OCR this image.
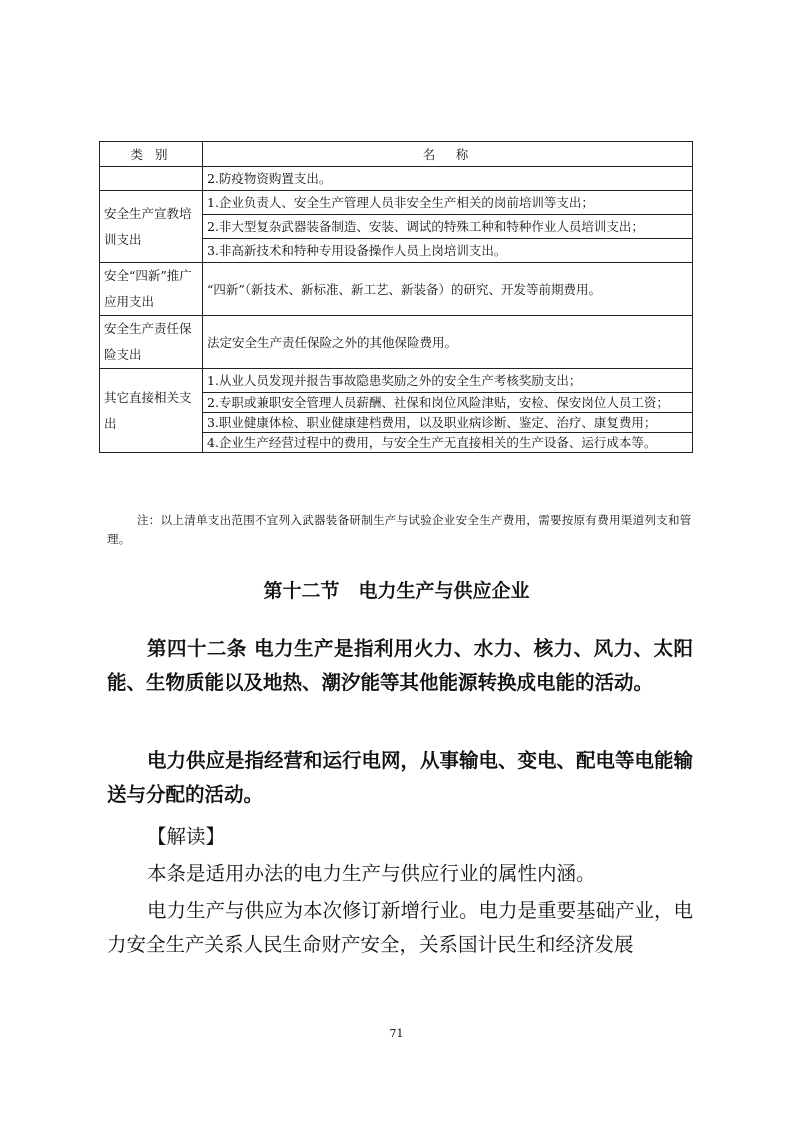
类 别	名　称
	2.防疫物资购置支出。
安全生产宣教培训支出	1.企业负责人、安全生产管理人员非安全生产相关的岗前培训等支出；
	2.非大型复杂武器装备制造、安装、调试的特殊工种和特种作业人员培训支出；
	3.非高新技术和特种专用设备操作人员上岗培训支出。
安全“四新”推广应用支出	“四新”（新技术、新标准、新工艺、新装备）的研究、开发等前期费用。
安全生产责任保险支出	法定安全生产责任保险之外的其他保险费用。
其它直接相关支出	1.从业人员发现并报告事故隐患奖励之外的安全生产考核奖励支出；
	2.专职或兼职安全管理人员薪酬、社保和岗位风险津贴，安检、保安岗位人员工资；
	3.职业健康体检、职业健康建档费用，以及职业病诊断、鉴定、治疗、康复费用；
	4.企业生产经营过程中的费用，与安全生产无直接相关的生产设备、运行成本等。
注：以上清单支出范围不宜列入武器装备研制生产与试验企业安全生产费用，需要按原有费用渠道列支和管理。
第十二节　电力生产与供应企业
第四十二条 电力生产是指利用火力、水力、核力、风力、太阳能、生物质能以及地热、潮汐能等其他能源转换成电能的活动。
电力供应是指经营和运行电网，从事输电、变电、配电等电能输送与分配的活动。
【解读】
本条是适用办法的电力生产与供应行业的属性内涵。
电力生产与供应为本次修订新增行业。电力是重要基础产业，电力安全生产关系人民生命财产安全，关系国计民生和经济发展
71
